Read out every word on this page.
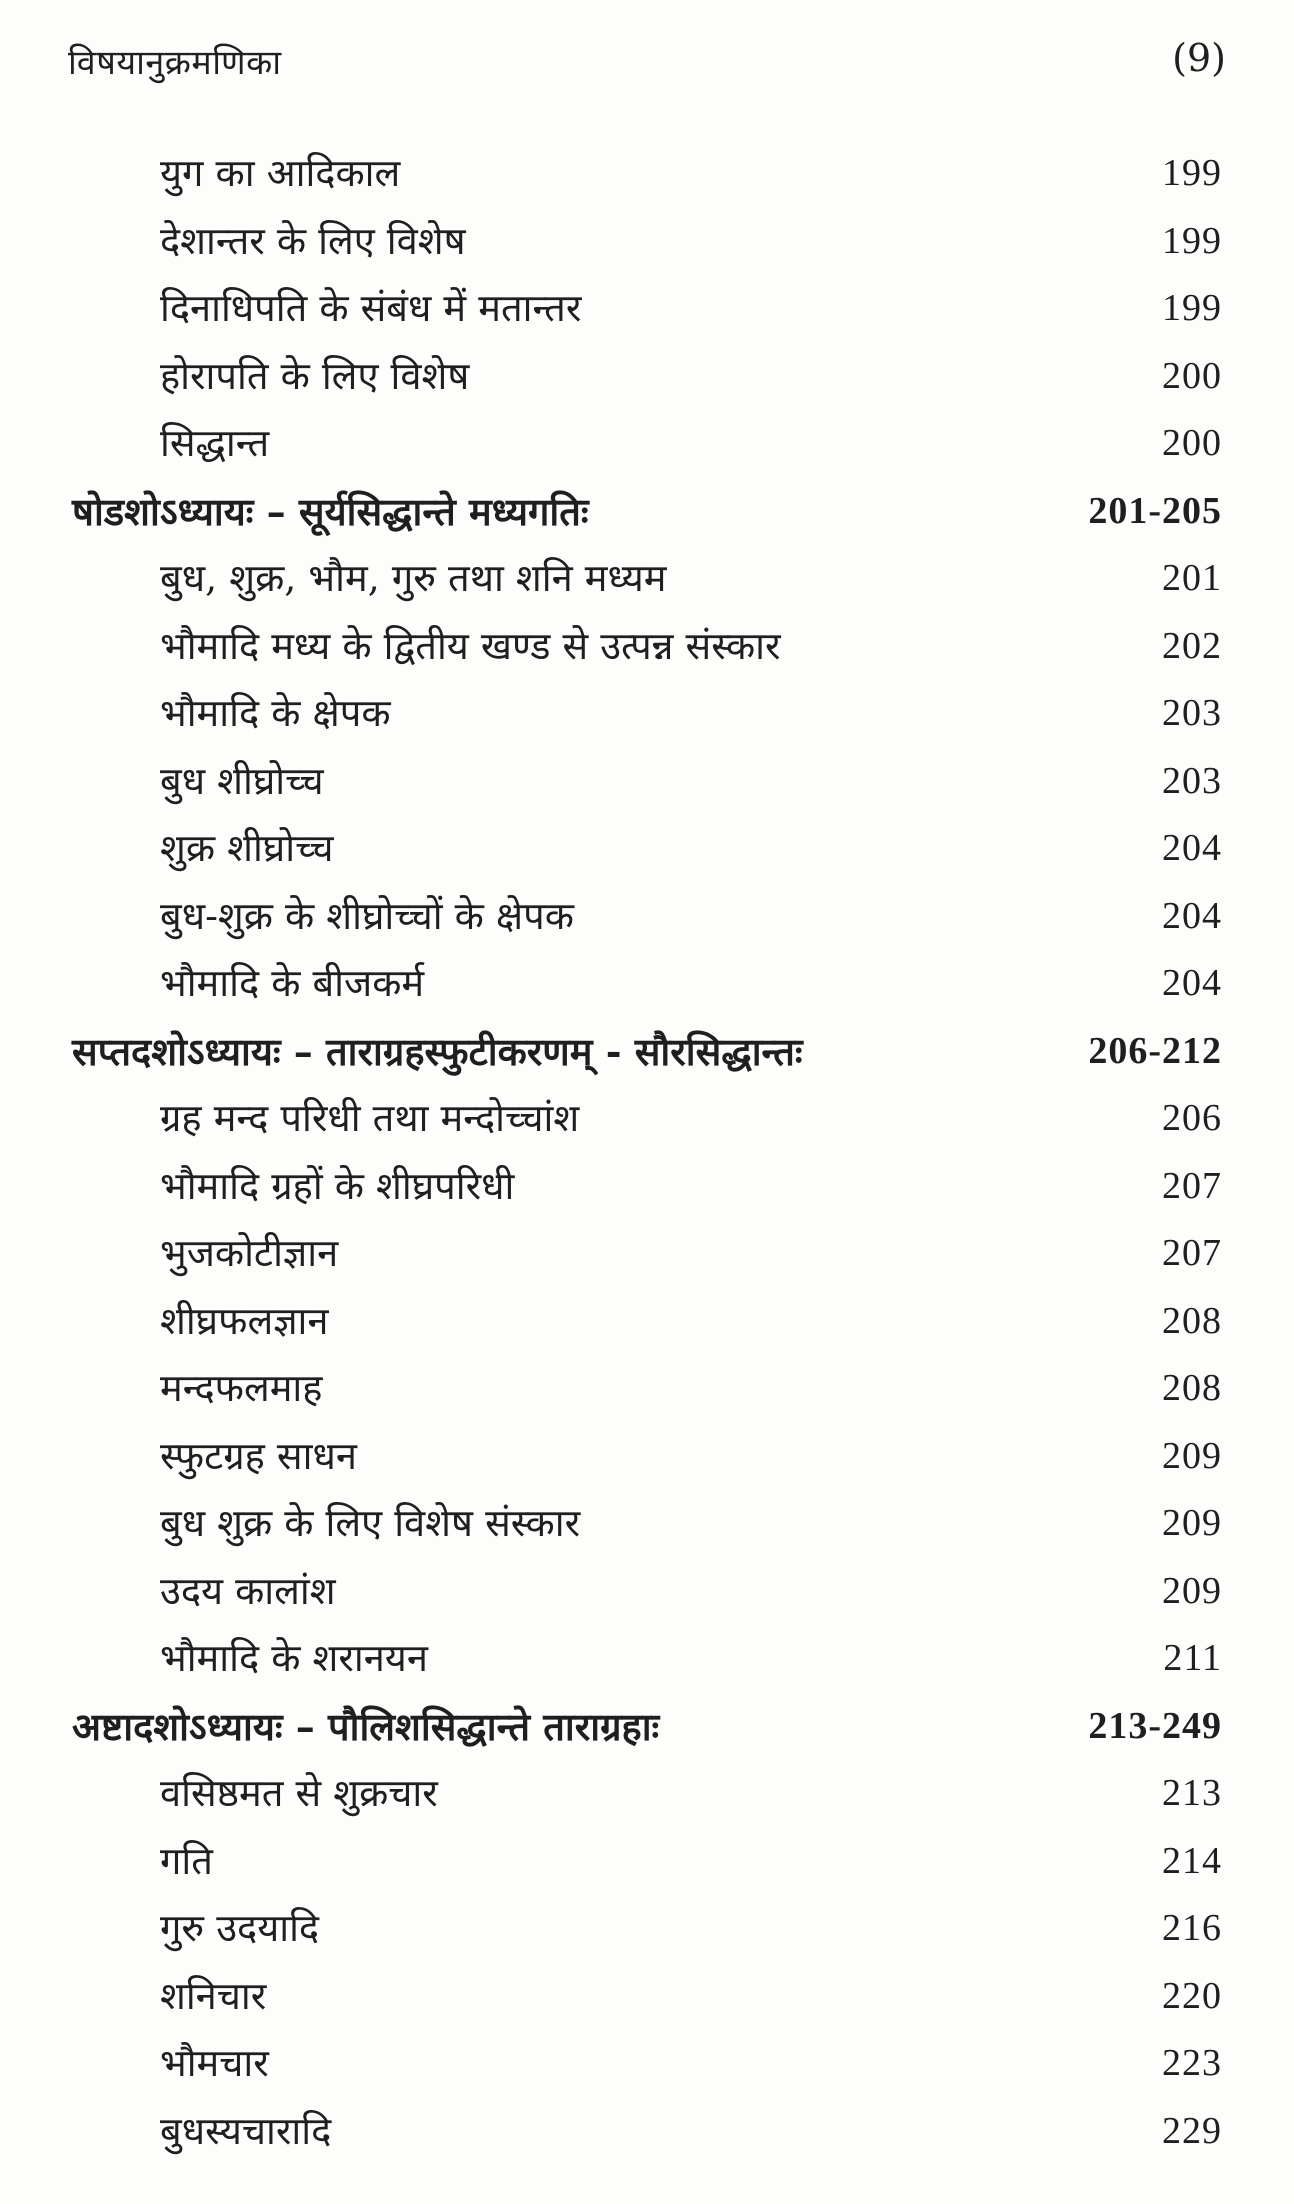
विषयानुक्रमणिका	(9)
युग का आदिकाल	199
देशान्तर के लिए विशेष	199
दिनाधिपति के संबंध में मतान्तर	199
होरापति के लिए विशेष	200
सिद्धान्त	200
षोडशोऽध्यायः – सूर्यसिद्धान्ते मध्यगतिः	201-205
बुध, शुक्र, भौम, गुरु तथा शनि मध्यम	201
भौमादि मध्य के द्वितीय खण्ड से उत्पन्न संस्कार	202
भौमादि के क्षेपक	203
बुध शीघ्रोच्च	203
शुक्र शीघ्रोच्च	204
बुध-शुक्र के शीघ्रोच्चों के क्षेपक	204
भौमादि के बीजकर्म	204
सप्तदशोऽध्यायः – ताराग्रहस्फुटीकरणम् - सौरसिद्धान्तः	206-212
ग्रह मन्द परिधी तथा मन्दोच्चांश	206
भौमादि ग्रहों के शीघ्रपरिधी	207
भुजकोटीज्ञान	207
शीघ्रफलज्ञान	208
मन्दफलमाह	208
स्फुटग्रह साधन	209
बुध शुक्र के लिए विशेष संस्कार	209
उदय कालांश	209
भौमादि के शरानयन	211
अष्टादशोऽध्यायः – पौलिशसिद्धान्ते ताराग्रहाः	213-249
वसिष्ठमत से शुक्रचार	213
गति	214
गुरु उदयादि	216
शनिचार	220
भौमचार	223
बुधस्यचारादि	229
